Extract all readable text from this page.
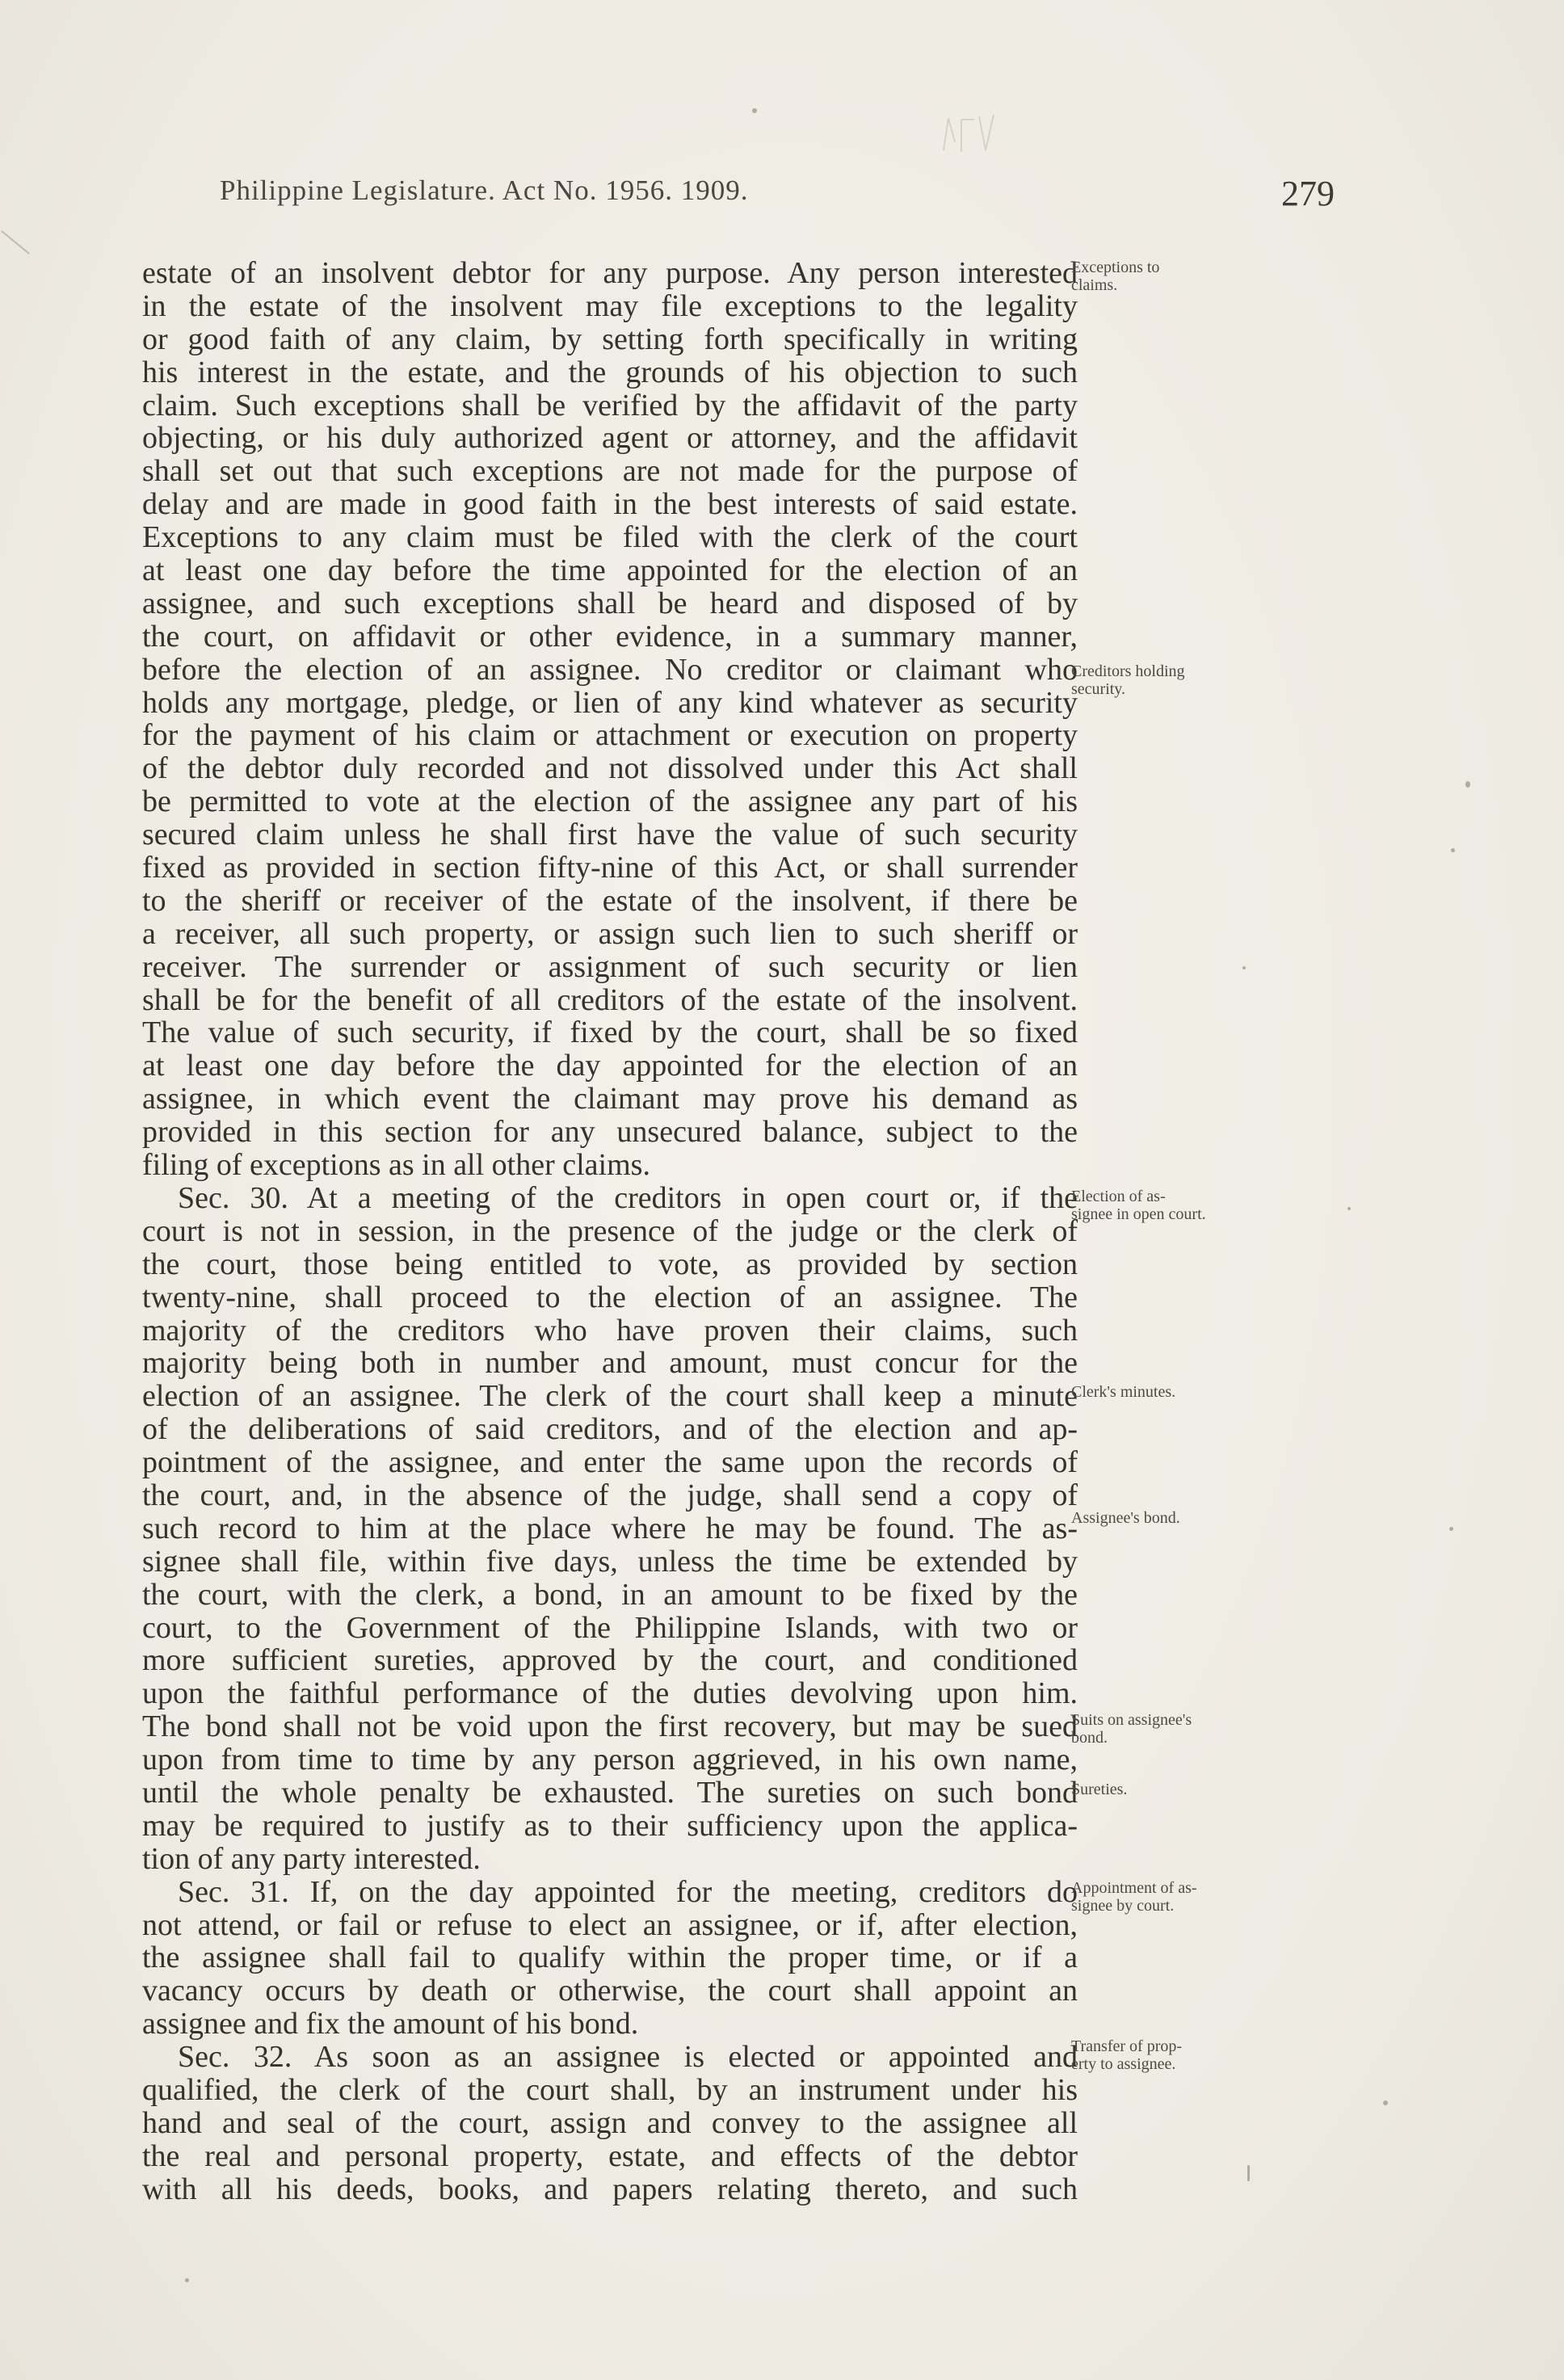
Philippine Legislature. Act No. 1956. 1909.	279
estate of an insolvent debtor for any purpose. Any person interested
in the estate of the insolvent may file exceptions to the legality
or good faith of any claim, by setting forth specifically in writing
his interest in the estate, and the grounds of his objection to such
claim. Such exceptions shall be verified by the affidavit of the party
objecting, or his duly authorized agent or attorney, and the affidavit
shall set out that such exceptions are not made for the purpose of
delay and are made in good faith in the best interests of said estate.
Exceptions to any claim must be filed with the clerk of the court
at least one day before the time appointed for the election of an
assignee, and such exceptions shall be heard and disposed of by
the court, on affidavit or other evidence, in a summary manner,
before the election of an assignee. No creditor or claimant who
holds any mortgage, pledge, or lien of any kind whatever as security
for the payment of his claim or attachment or execution on property
of the debtor duly recorded and not dissolved under this Act shall
be permitted to vote at the election of the assignee any part of his
secured claim unless he shall first have the value of such security
fixed as provided in section fifty-nine of this Act, or shall surrender
to the sheriff or receiver of the estate of the insolvent, if there be
a receiver, all such property, or assign such lien to such sheriff or
receiver. The surrender or assignment of such security or lien
shall be for the benefit of all creditors of the estate of the insolvent.
The value of such security, if fixed by the court, shall be so fixed
at least one day before the day appointed for the election of an
assignee, in which event the claimant may prove his demand as
provided in this section for any unsecured balance, subject to the
filing of exceptions as in all other claims.
Sec. 30. At a meeting of the creditors in open court or, if the
court is not in session, in the presence of the judge or the clerk of
the court, those being entitled to vote, as provided by section
twenty-nine, shall proceed to the election of an assignee. The
majority of the creditors who have proven their claims, such
majority being both in number and amount, must concur for the
election of an assignee. The clerk of the court shall keep a minute
of the deliberations of said creditors, and of the election and ap-
pointment of the assignee, and enter the same upon the records of
the court, and, in the absence of the judge, shall send a copy of
such record to him at the place where he may be found. The as-
signee shall file, within five days, unless the time be extended by
the court, with the clerk, a bond, in an amount to be fixed by the
court, to the Government of the Philippine Islands, with two or
more sufficient sureties, approved by the court, and conditioned
upon the faithful performance of the duties devolving upon him.
The bond shall not be void upon the first recovery, but may be sued
upon from time to time by any person aggrieved, in his own name,
until the whole penalty be exhausted. The sureties on such bond
may be required to justify as to their sufficiency upon the applica-
tion of any party interested.
Sec. 31. If, on the day appointed for the meeting, creditors do
not attend, or fail or refuse to elect an assignee, or if, after election,
the assignee shall fail to qualify within the proper time, or if a
vacancy occurs by death or otherwise, the court shall appoint an
assignee and fix the amount of his bond.
Sec. 32. As soon as an assignee is elected or appointed and
qualified, the clerk of the court shall, by an instrument under his
hand and seal of the court, assign and convey to the assignee all
the real and personal property, estate, and effects of the debtor
with all his deeds, books, and papers relating thereto, and such
Exceptions to
claims.
Creditors holding
security.
Election of as-
signee in open court.
Clerk's minutes.
Assignee's bond.
Suits on assignee's
bond.
Sureties.
Appointment of as-
signee by court.
Transfer of prop-
erty to assignee.
